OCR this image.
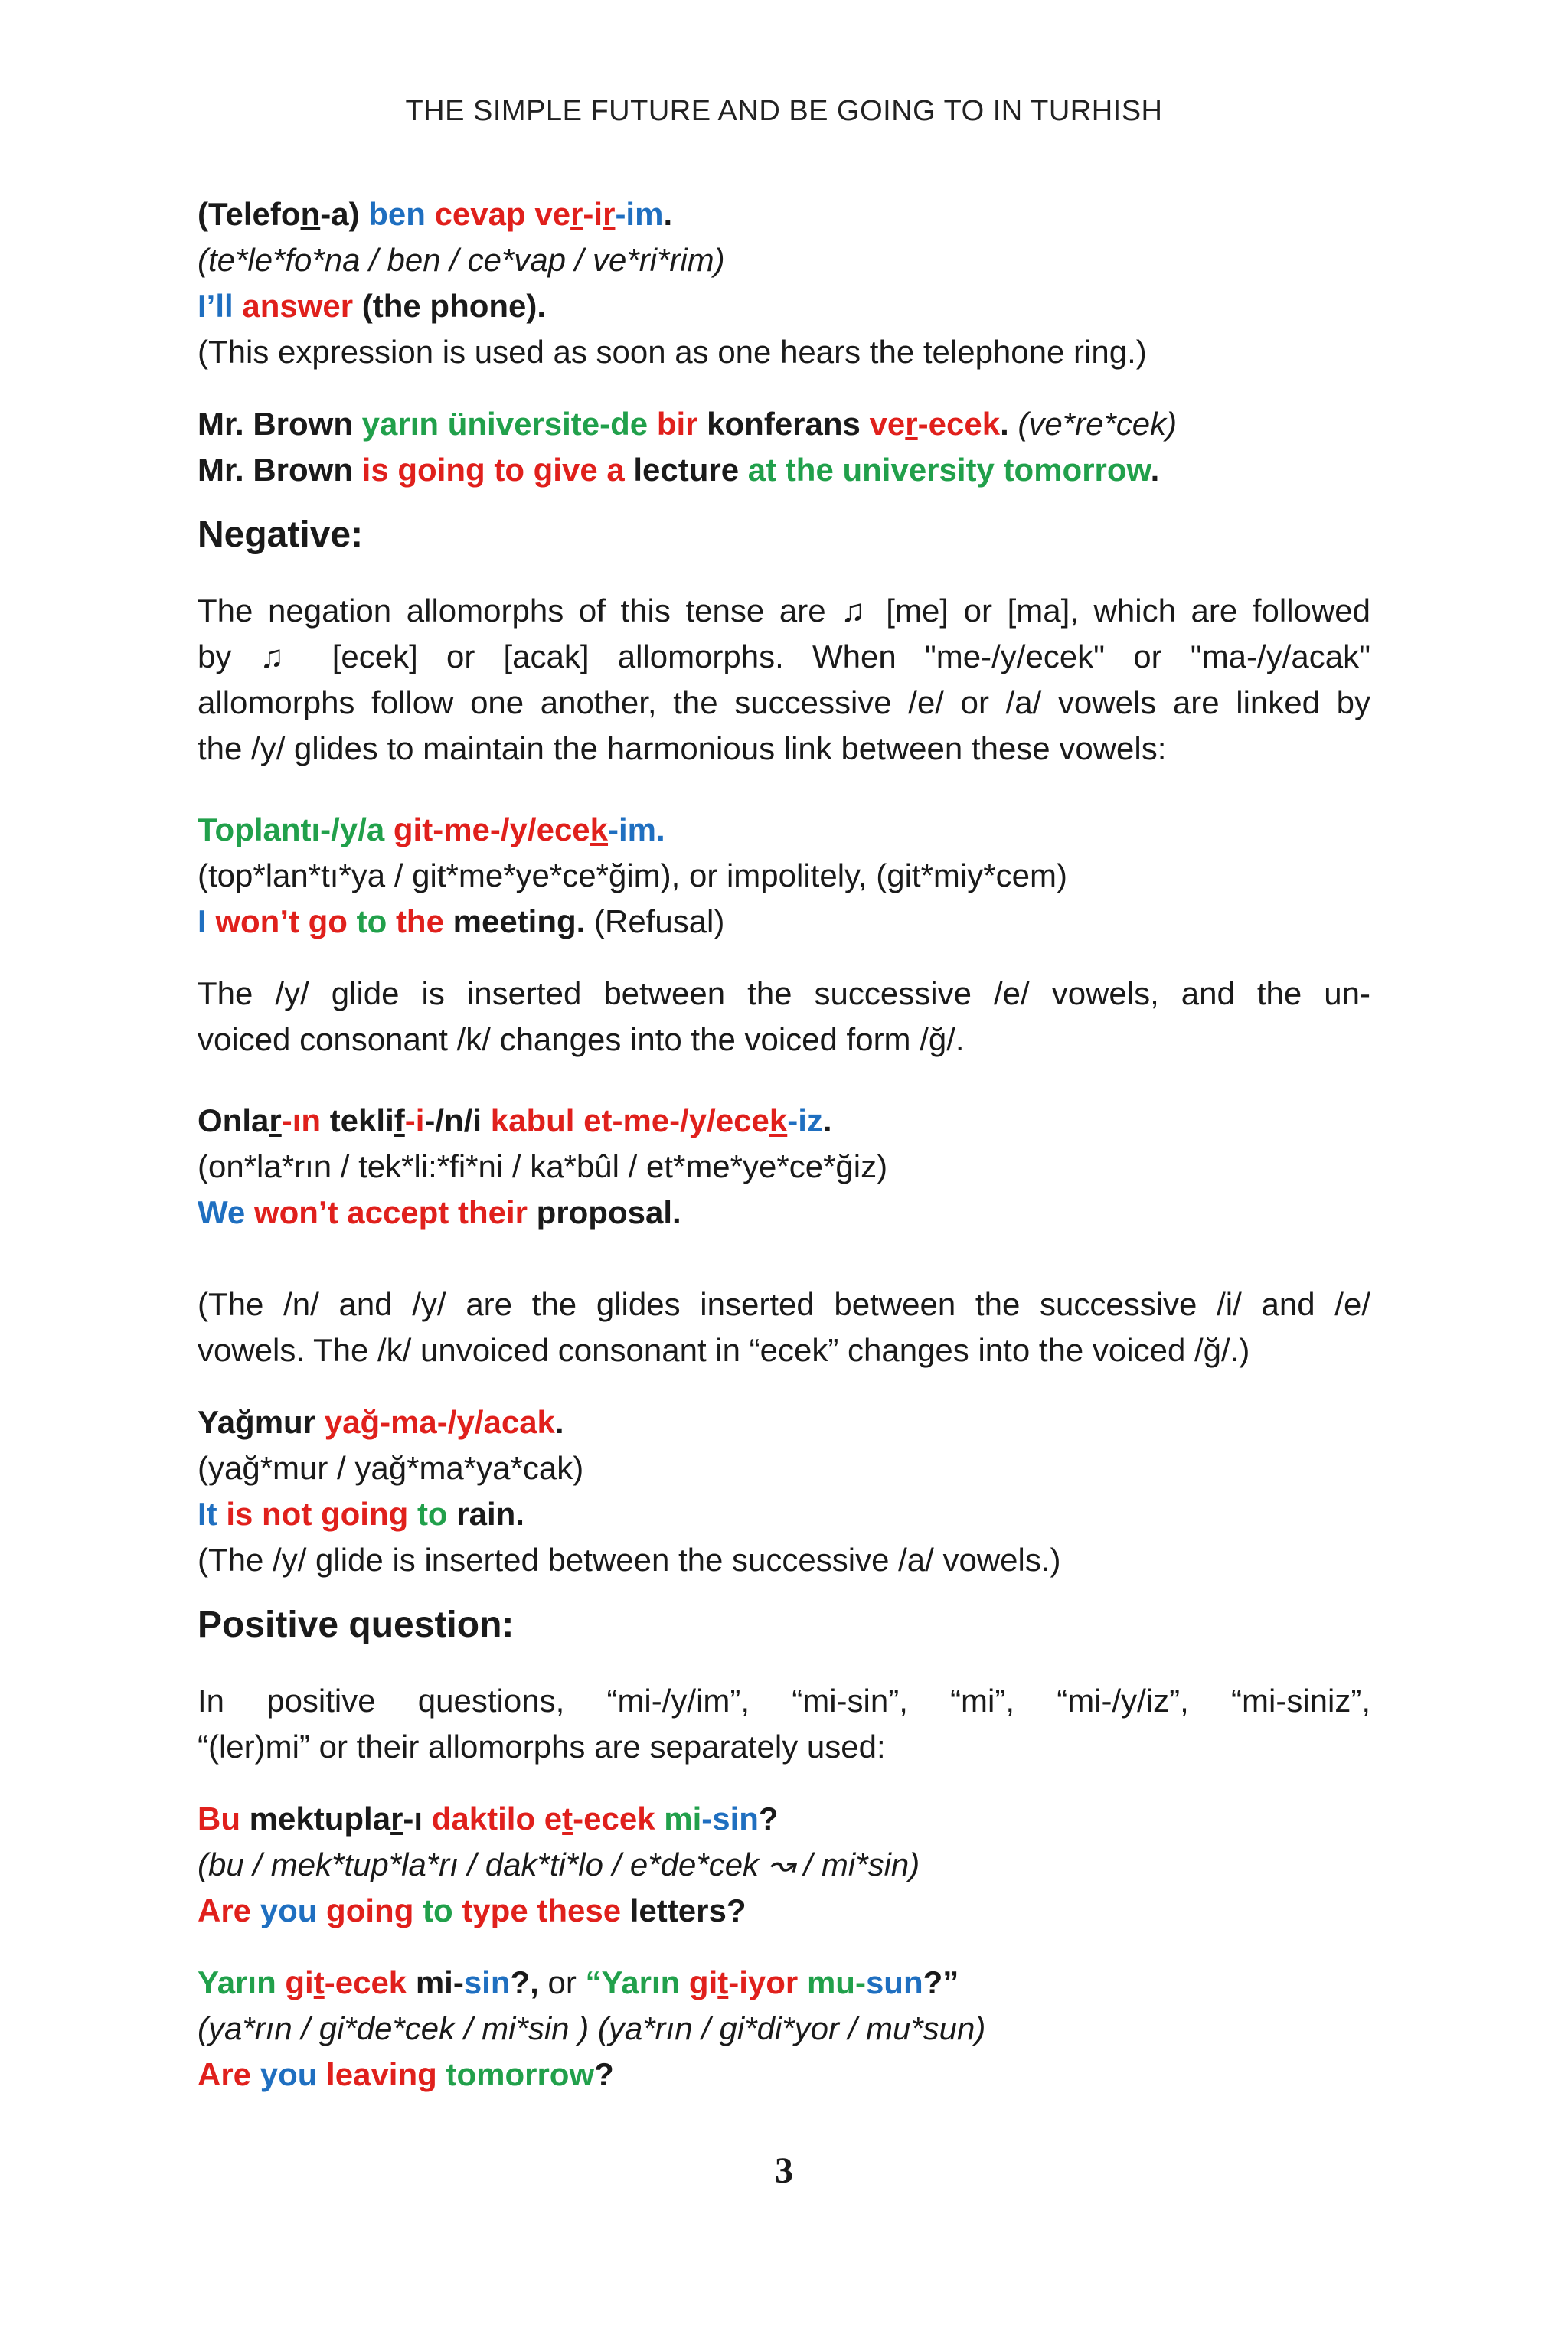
THE SIMPLE FUTURE AND BE GOING TO IN TURHISH
(Telefon-a) ben cevap ver-ir-im.
(te*le*fo*na / ben / ce*vap / ve*ri*rim)
I’ll answer (the phone).
(This expression is used as soon as one hears the telephone ring.)
Mr. Brown yarın üniversite-de bir konferans ver-ecek. (ve*re*cek)
Mr. Brown is going to give a lecture at the university tomorrow.
Negative:
The negation allomorphs of this tense are ♫ [me] or [ma], which are followed
by ♫ [ecek] or [acak] allomorphs. When "me-/y/ecek" or "ma-/y/acak"
allomorphs follow one another, the successive /e/ or /a/ vowels are linked by
the /y/ glides to maintain the harmonious link between these vowels:
Toplantı-/y/a git-me-/y/ecek-im.
(top*lan*tı*ya / git*me*ye*ce*ğim), or impolitely, (git*miy*cem)
I won’t go to the meeting. (Refusal)
The /y/ glide is inserted between the successive /e/ vowels, and the un-
voiced consonant /k/ changes into the voiced form /ğ/.
Onlar-ın teklif-i-/n/i kabul et-me-/y/ecek-iz.
(on*la*rın / tek*li:*fi*ni / ka*bûl / et*me*ye*ce*ğiz)
We won’t accept their proposal.
(The /n/ and /y/ are the glides inserted between the successive /i/ and /e/
vowels. The /k/ unvoiced consonant in “ecek” changes into the voiced /ğ/.)
Yağmur yağ-ma-/y/acak.
(yağ*mur / yağ*ma*ya*cak)
It is not going to rain.
(The /y/ glide is inserted between the successive /a/ vowels.)
Positive question:
In positive questions, “mi-/y/im”, “mi-sin”, “mi”, “mi-/y/iz”, “mi-siniz”,
“(ler)mi” or their allomorphs are separately used:
Bu mektuplar-ı daktilo et-ecek mi-sin?
(bu / mek*tup*la*rı / dak*ti*lo / e*de*cek ↝ / mi*sin)
Are you going to type these letters?
Yarın git-ecek mi-sin?, or “Yarın git-iyor mu-sun?”
(ya*rın / gi*de*cek / mi*sin ) (ya*rın / gi*di*yor / mu*sun)
Are you leaving tomorrow?
3
